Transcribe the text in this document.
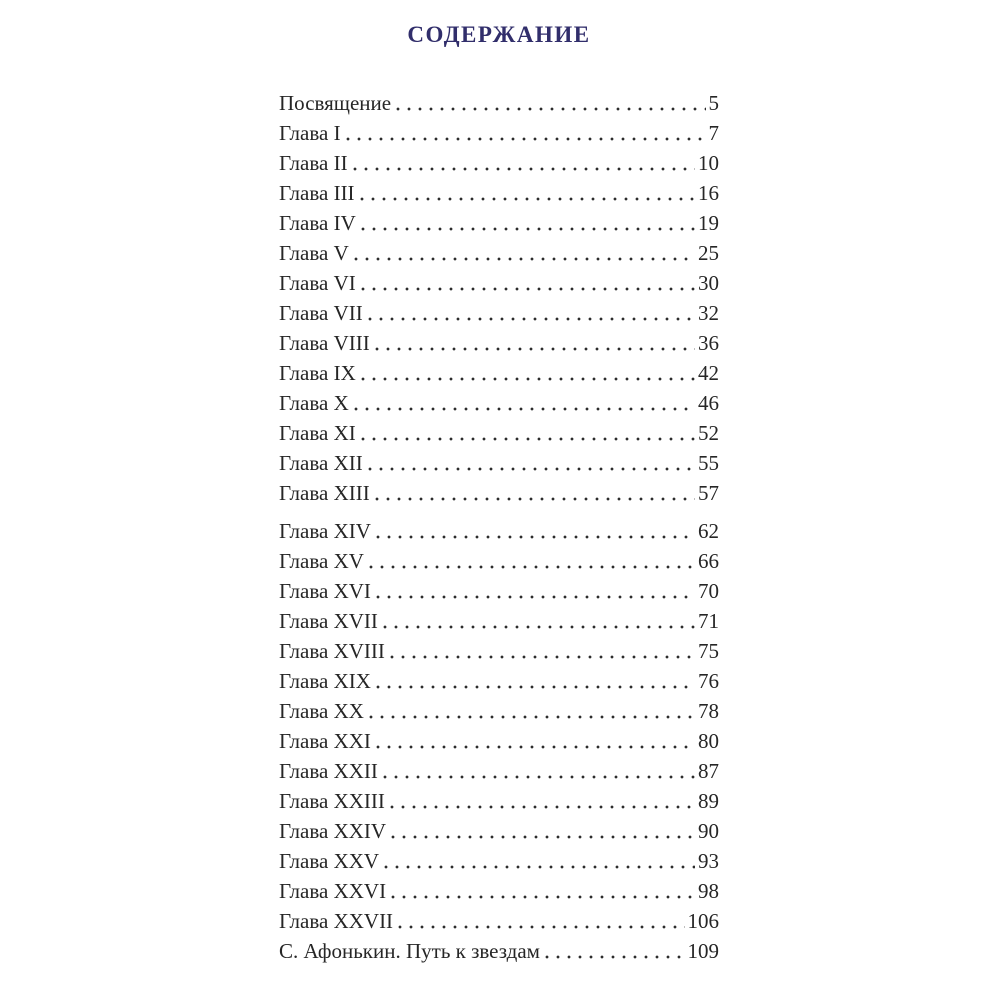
СОДЕРЖАНИЕ
Посвящение	5
Глава I	7
Глава II	10
Глава III	16
Глава IV	19
Глава V	25
Глава VI	30
Глава VII	32
Глава VIII	36
Глава IX	42
Глава X	46
Глава XI	52
Глава XII	55
Глава XIII	57
Глава XIV	62
Глава XV	66
Глава XVI	70
Глава XVII	71
Глава XVIII	75
Глава XIX	76
Глава XX	78
Глава XXI	80
Глава XXII	87
Глава XXIII	89
Глава XXIV	90
Глава XXV	93
Глава XXVI	98
Глава XXVII	106
С. Афонькин. Путь к звездам	109
